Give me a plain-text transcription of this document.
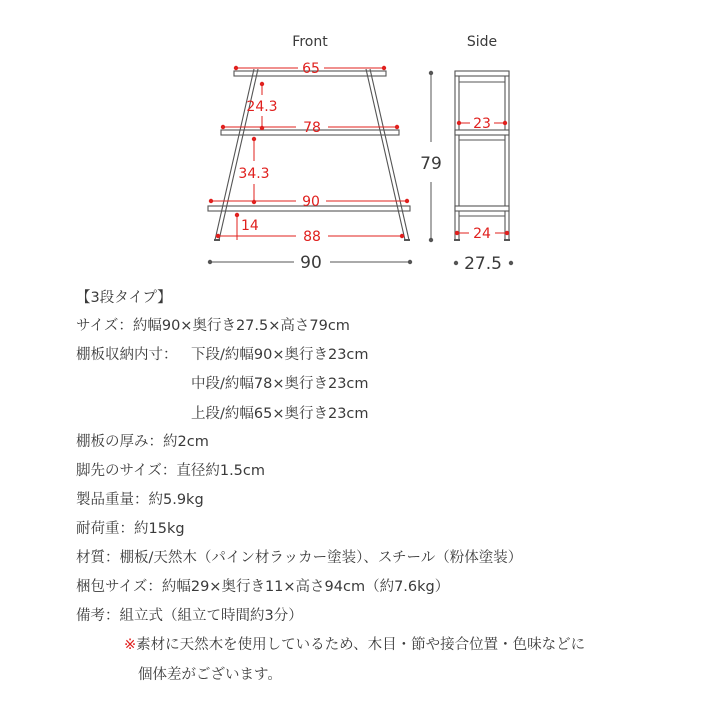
Front	Side
65
24.3
78
34.3
90
14
88
90
79
23
24
27.5
【3段タイプ】
サイズ：約幅90×奥行き27.5×高さ79cm
棚板収納内寸： 下段/約幅90×奥行き23cm
中段/約幅78×奥行き23cm
上段/約幅65×奥行き23cm
棚板の厚み：約2cm
脚先のサイズ：直径約1.5cm
製品重量：約5.9kg
耐荷重：約15kg
材質：棚板/天然木（パイン材ラッカー塗装）、スチール（粉体塗装）
梱包サイズ：約幅29×奥行き11×高さ94cm（約7.6kg）
備考：組立式（組立て時間約3分）
※素材に天然木を使用しているため、木目・節や接合位置・色味などに
個体差がございます。
